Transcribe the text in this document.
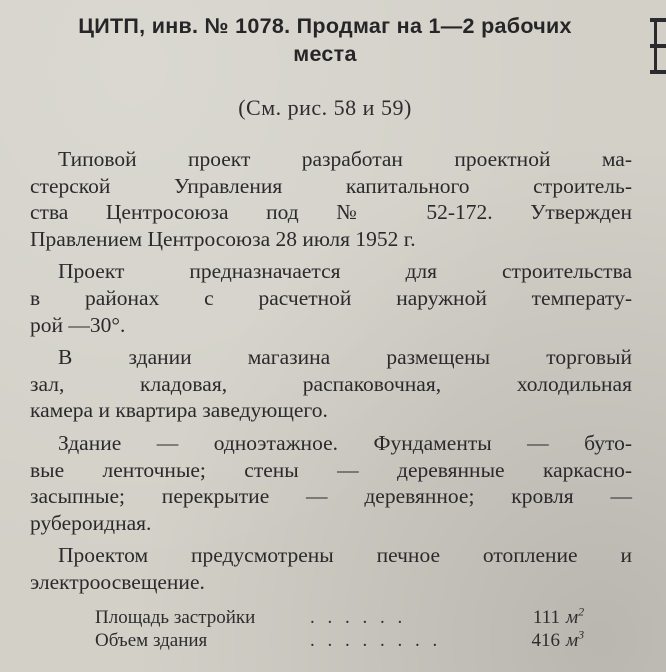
ЦИТП, инв. № 1078. Продмаг на 1—2 рабочих
места
(См. рис. 58 и 59)

Типовой проект разработан проектной ма-
стерской Управления капитального строитель-
ства Центросоюза под № 52-172. Утвержден
Правлением Центросоюза 28 июля 1952 г.

Проект предназначается для строительства
в районах с расчетной наружной температу-
рой —30°.

В здании магазина размещены торговый
зал, кладовая, распаковочная, холодильная
камера и квартира заведующего.

Здание — одноэтажное. Фундаменты — буто-
вые ленточные; стены — деревянные каркасно-
засыпные; перекрытие — деревянное; кровля —
рубероидная.

Проектом предусмотрены печное отопление и
электроосвещение.

Площадь застройки	. . . . . .	111 $м^2$
Объем здания	. . . . . . . .	416 $м^3$
